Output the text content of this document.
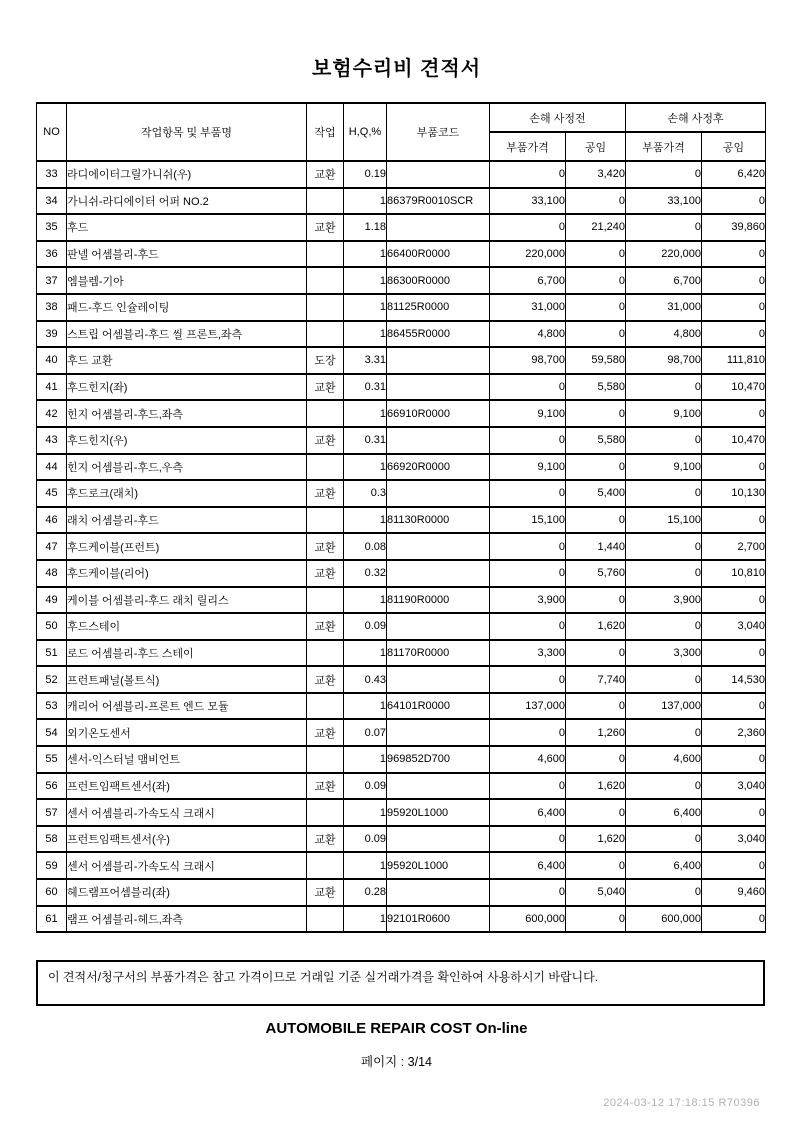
보험수리비 견적서
NO	작업항목 및 부품명	작업	H,Q,%	부품코드	손해 사정전		손해 사정후	
					부품가격	공임	부품가격	공임
33	라디에이터그릴가니쉬(우)	교환	0.19		0	3,420	0	6,420
34	가니쉬-라디에이터 어퍼 NO.2		1	86379R0010SCR	33,100	0	33,100	0
35	후드	교환	1.18		0	21,240	0	39,860
36	판넬 어셈블리-후드		1	66400R0000	220,000	0	220,000	0
37	엠블렘-기아		1	86300R0000	6,700	0	6,700	0
38	패드-후드 인슐레이팅		1	81125R0000	31,000	0	31,000	0
39	스트립 어셈블리-후드 씰 프론트,좌측		1	86455R0000	4,800	0	4,800	0
40	후드 교환	도장	3.31		98,700	59,580	98,700	111,810
41	후드힌지(좌)	교환	0.31		0	5,580	0	10,470
42	힌지 어셈블리-후드,좌측		1	66910R0000	9,100	0	9,100	0
43	후드힌지(우)	교환	0.31		0	5,580	0	10,470
44	힌지 어셈블리-후드,우측		1	66920R0000	9,100	0	9,100	0
45	후드로크(래치)	교환	0.3		0	5,400	0	10,130
46	래치 어셈블리-후드		1	81130R0000	15,100	0	15,100	0
47	후드케이블(프런트)	교환	0.08		0	1,440	0	2,700
48	후드케이블(리어)	교환	0.32		0	5,760	0	10,810
49	케이블 어셈블리-후드 래치 릴리스		1	81190R0000	3,900	0	3,900	0
50	후드스테이	교환	0.09		0	1,620	0	3,040
51	로드 어셈블리-후드 스테이		1	81170R0000	3,300	0	3,300	0
52	프런트패널(볼트식)	교환	0.43		0	7,740	0	14,530
53	캐리어 어셈블리-프론트 엔드 모듈		1	64101R0000	137,000	0	137,000	0
54	외기온도센서	교환	0.07		0	1,260	0	2,360
55	센서-익스터널 맴비언트		1	969852D700	4,600	0	4,600	0
56	프런트임팩트센서(좌)	교환	0.09		0	1,620	0	3,040
57	센서 어셈블리-가속도식 크래시		1	95920L1000	6,400	0	6,400	0
58	프런트임팩트센서(우)	교환	0.09		0	1,620	0	3,040
59	센서 어셈블리-가속도식 크래시		1	95920L1000	6,400	0	6,400	0
60	헤드램프어셈블리(좌)	교환	0.28		0	5,040	0	9,460
61	램프 어셈블리-헤드,좌측		1	92101R0600	600,000	0	600,000	0
이 견적서/청구서의 부품가격은 참고 가격이므로 거래일 기준 실거래가격을 확인하여 사용하시기 바랍니다.
AUTOMOBILE REPAIR COST On-line
페이지 : 3/14
2024-03-12 17:18:15 R70396
